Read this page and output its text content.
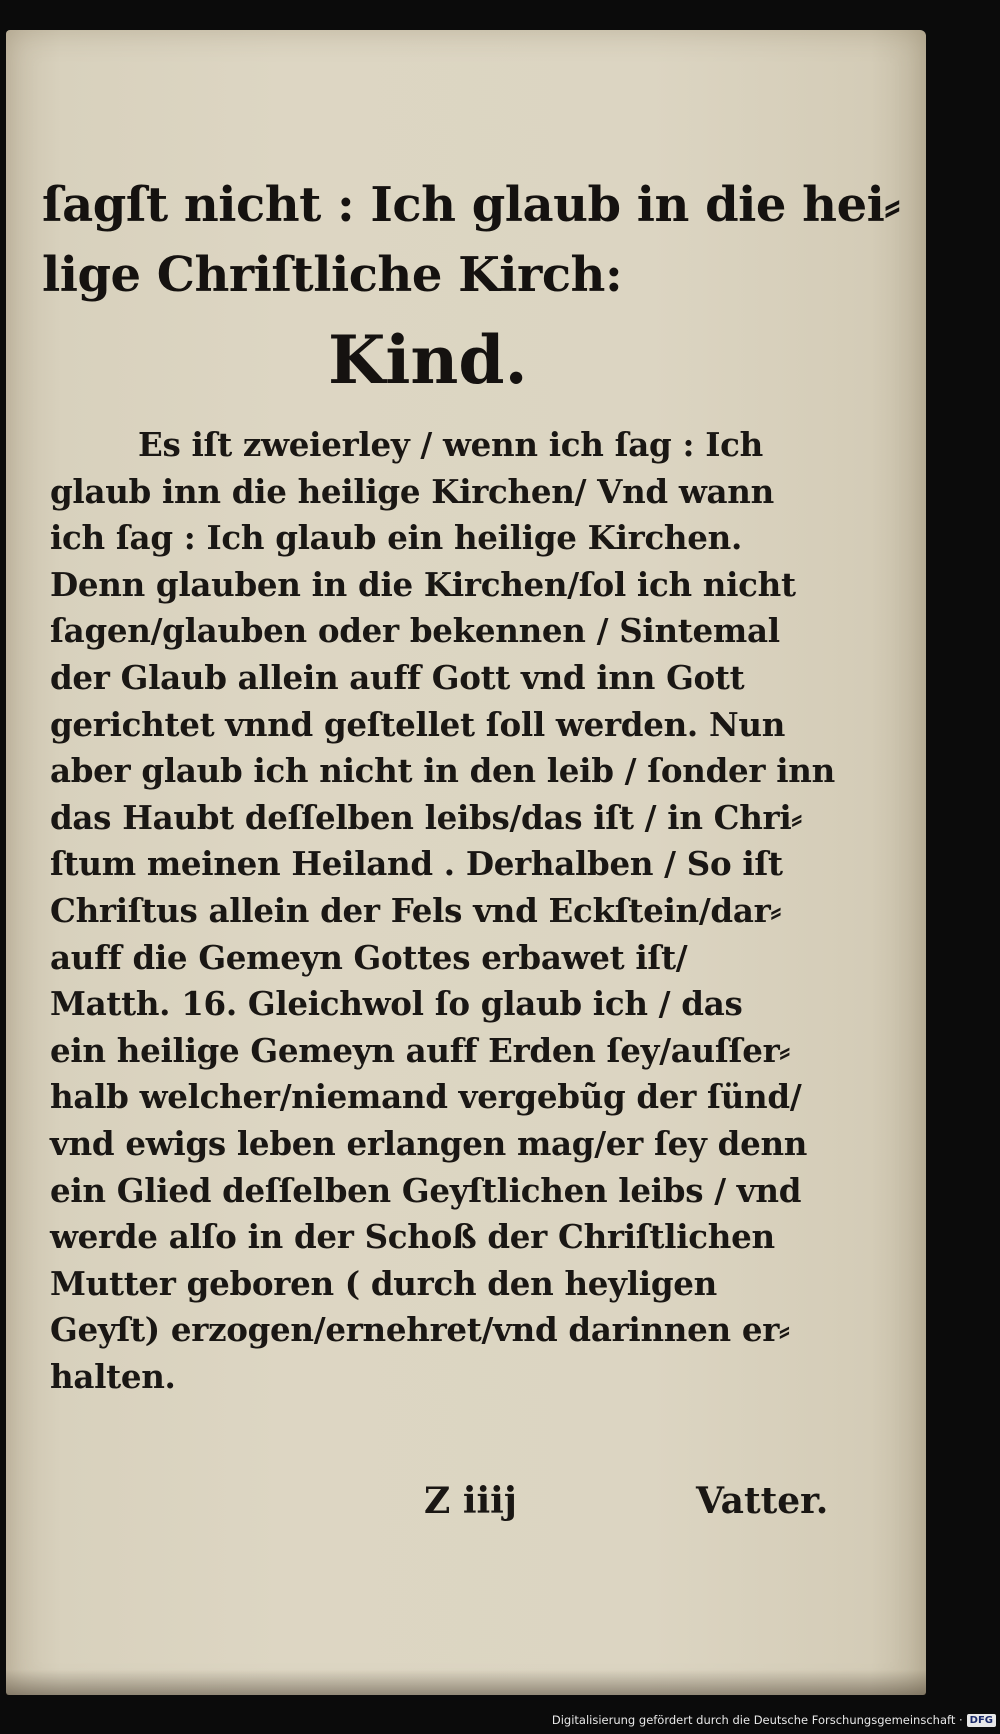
ſagſt nicht : Ich glaub in die hei⸗
lige Chriſtliche Kirch:
Kind.
Es iſt zweierley / wenn ich ſag : Ich
glaub inn die heilige Kirchen/ Vnd wann
ich ſag : Ich glaub ein heilige Kirchen.
Denn glauben in die Kirchen/ſol ich nicht
ſagen/glauben oder bekennen / Sintemal
der Glaub allein auff Gott vnd inn Gott
gerichtet vnnd geſtellet ſoll werden. Nun
aber glaub ich nicht in den leib / ſonder inn
das Haubt deſſelben leibs/das iſt / in Chri⸗
ſtum meinen Heiland . Derhalben / So iſt
Chriſtus allein der Fels vnd Eckſtein/dar⸗
auff die Gemeyn Gottes erbawet iſt/
Matth. 16. Gleichwol ſo glaub ich / das
ein heilige Gemeyn auff Erden ſey/auſſer⸗
halb welcher/niemand vergebũg der ſünd/
vnd ewigs leben erlangen mag/er ſey denn
ein Glied deſſelben Geyſtlichen leibs / vnd
werde alſo in der Schoß der Chriſtlichen
Mutter geboren ( durch den heyligen
Geyſt) erzogen/ernehret/vnd darinnen er⸗
halten.
Z iiij	Vatter.
Digitalisierung gefördert durch die Deutsche Forschungsgemeinschaft · DFG
